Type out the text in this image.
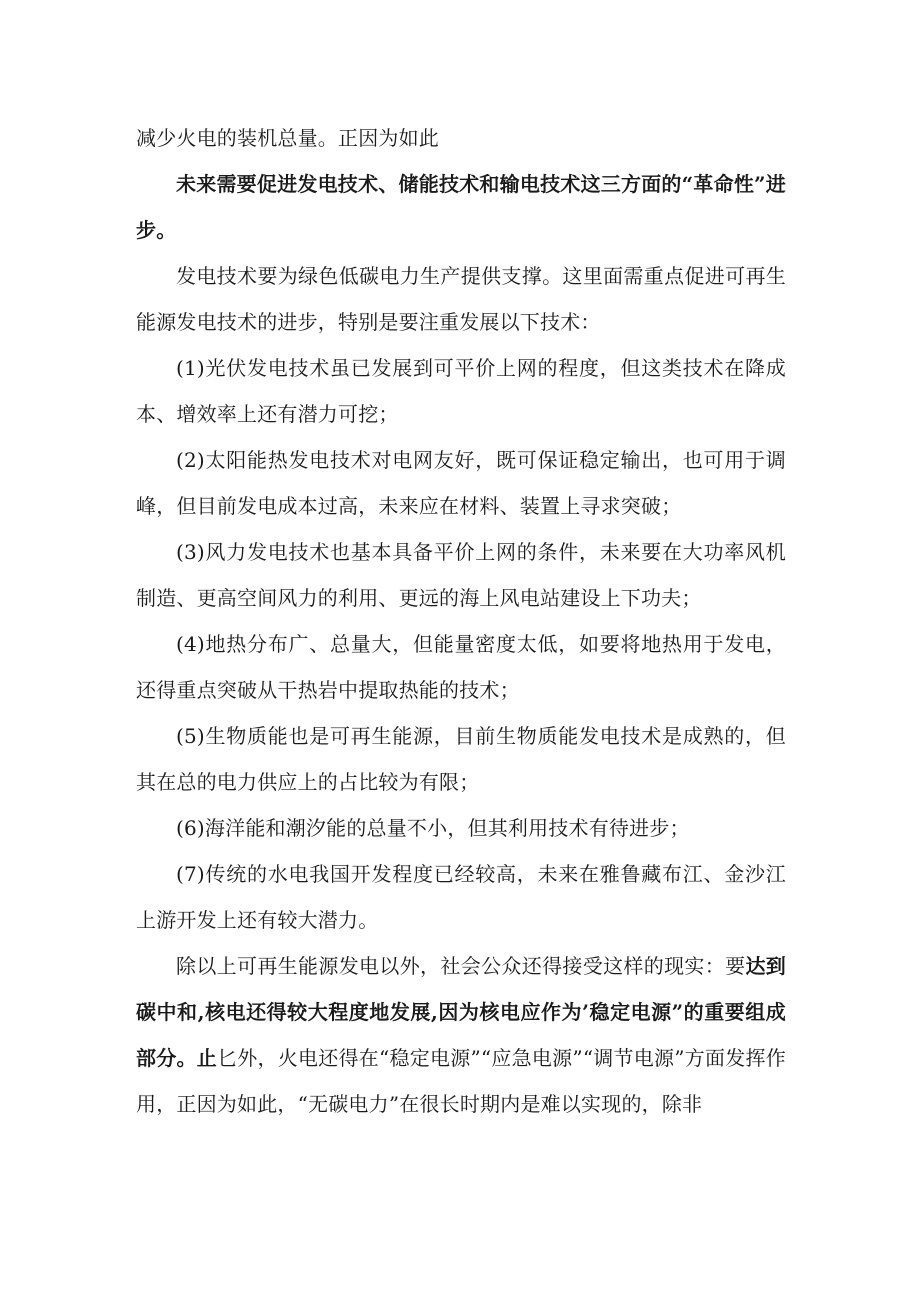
减少火电的装机总量。正因为如此

未来需要促进发电技术、储能技术和输电技术这三方面的“革命性”进步。

发电技术要为绿色低碳电力生产提供支撑。这里面需重点促进可再生能源发电技术的进步，特别是要注重发展以下技术：

(1)光伏发电技术虽已发展到可平价上网的程度，但这类技术在降成本、增效率上还有潜力可挖；

(2)太阳能热发电技术对电网友好，既可保证稳定输出，也可用于调峰，但目前发电成本过高，未来应在材料、装置上寻求突破；

(3)风力发电技术也基本具备平价上网的条件，未来要在大功率风机制造、更高空间风力的利用、更远的海上风电站建设上下功夫；

(4)地热分布广、总量大，但能量密度太低，如要将地热用于发电，还得重点突破从干热岩中提取热能的技术；

(5)生物质能也是可再生能源，目前生物质能发电技术是成熟的，但其在总的电力供应上的占比较为有限；

(6)海洋能和潮汐能的总量不小，但其利用技术有待进步；

(7)传统的水电我国开发程度已经较高，未来在雅鲁藏布江、金沙江上游开发上还有较大潜力。

除以上可再生能源发电以外，社会公众还得接受这样的现实：要达到碳中和,核电还得较大程度地发展,因为核电应作为’稳定电源”的重要组成部分。止匕外，火电还得在“稳定电源”“应急电源”“调节电源”方面发挥作用，正因为如此，“无碳电力”在很长时期内是难以实现的，除非
